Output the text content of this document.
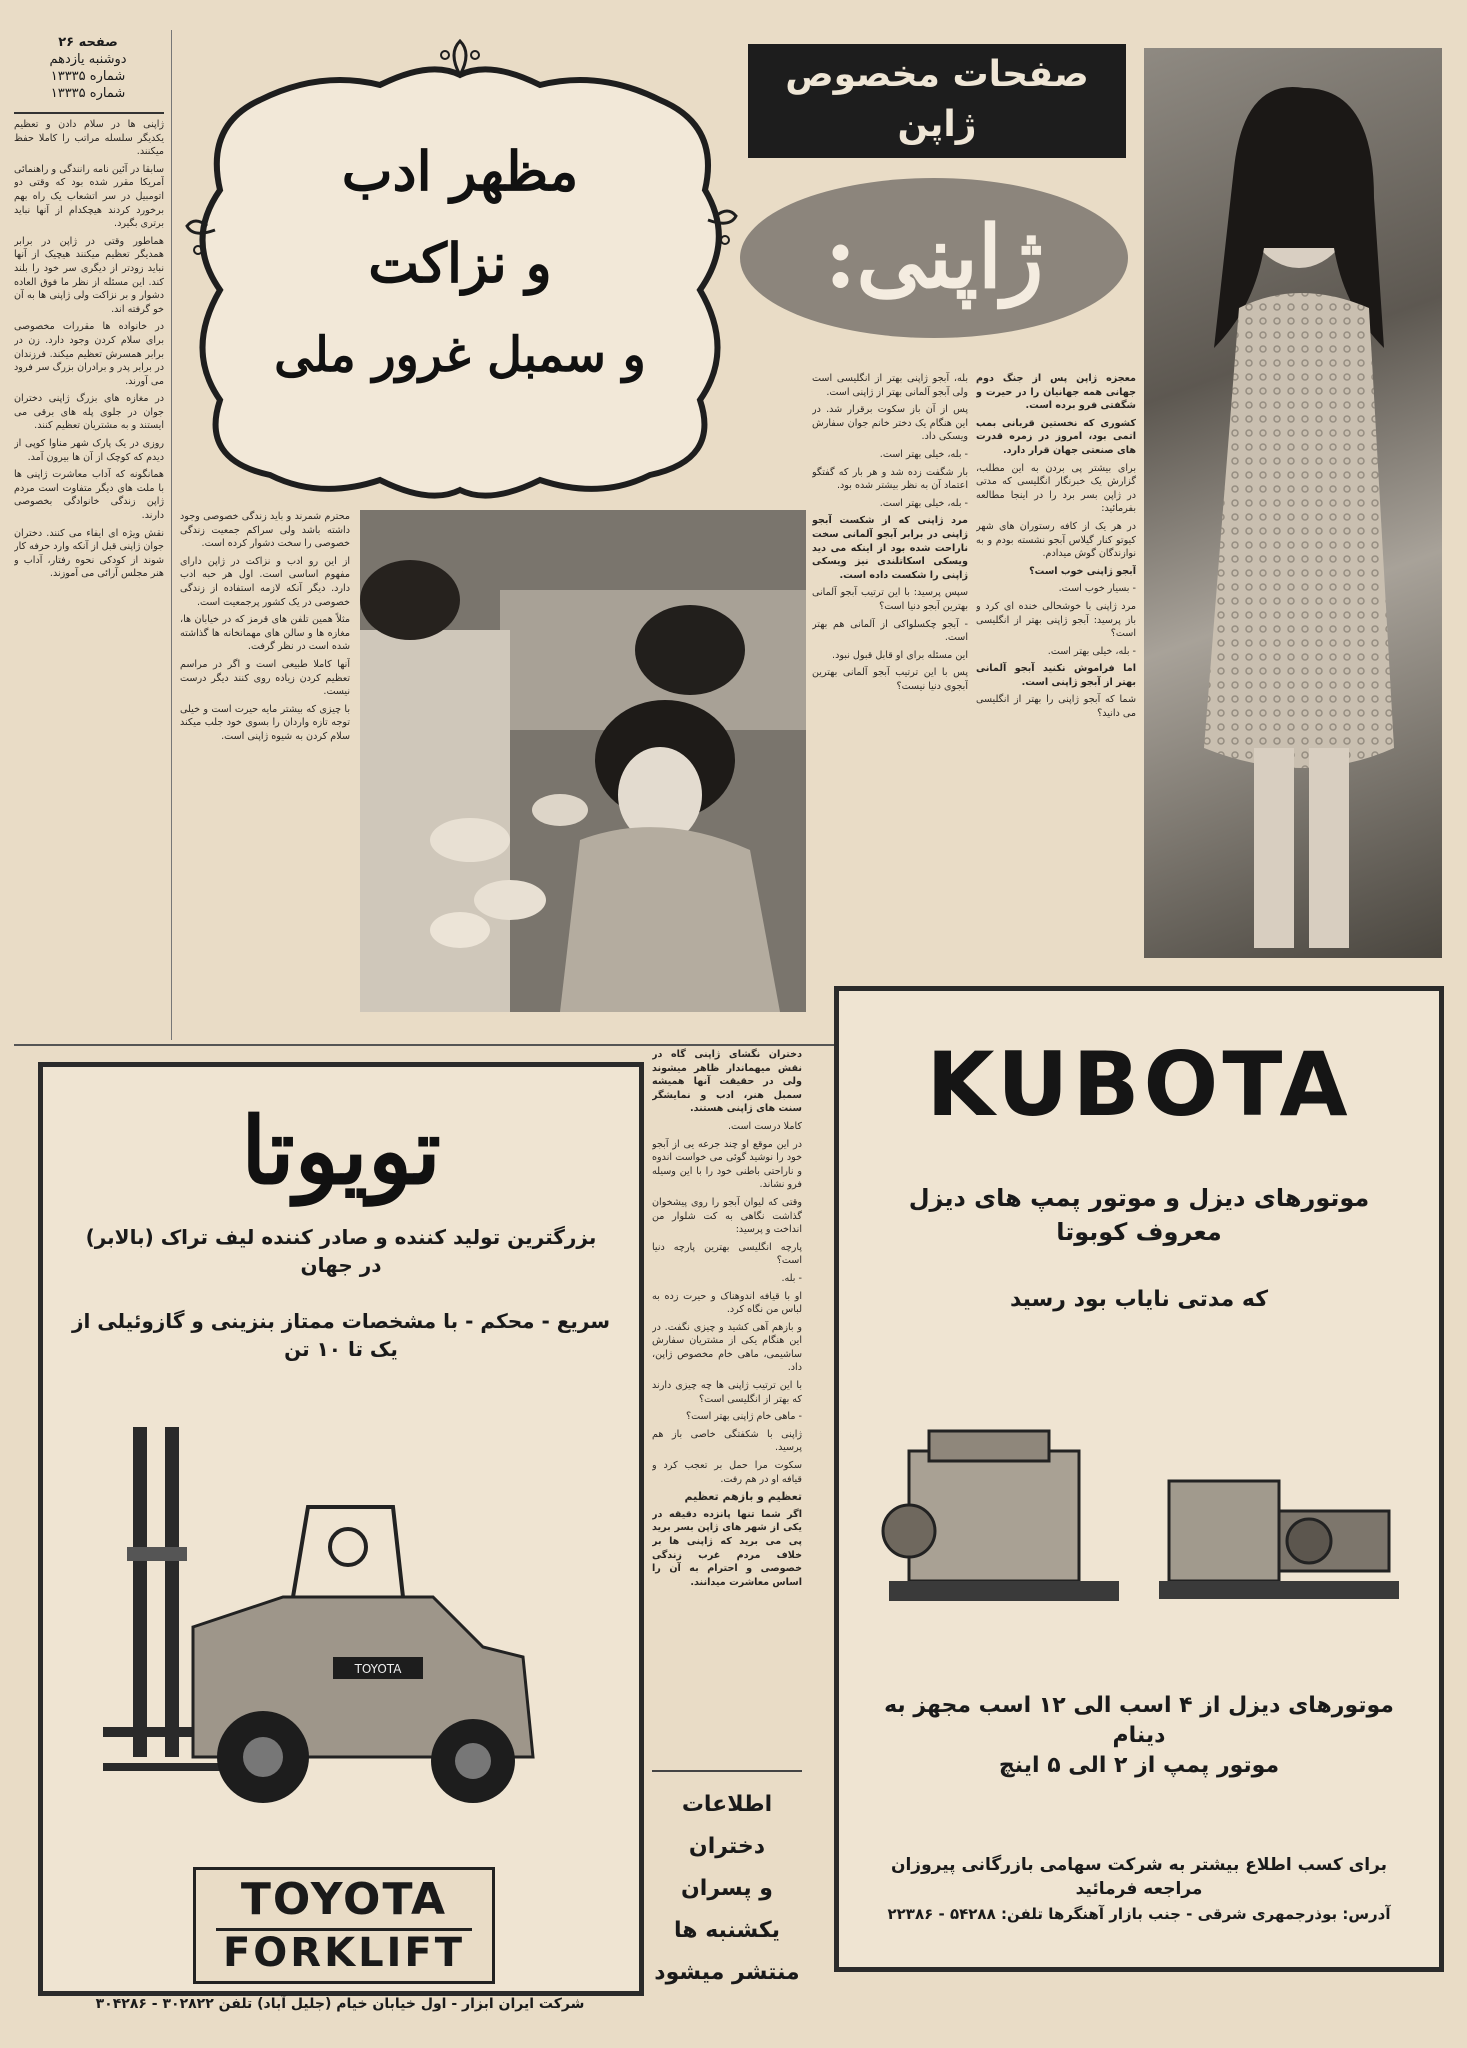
صفحه ۲۶
دوشنبه یازدهم
شماره ۱۳۳۳۵
شماره ۱۳۳۳۵

ژاپنی ها در سلام دادن و تعظیم یکدیگر سلسله مراتب را کاملا حفظ میکنند.

سابقا در آئین نامه رانندگی و راهنمائی آمریکا مقرر شده بود که وقتی دو اتومبیل در سر اتشعاب یک راه بهم برخورد کردند هیچکدام از آنها نباید برتری بگیرد.

هماطور وقتی در ژاپن در برابر همدیگر تعظیم میکنند هیچیک از آنها نباید زودتر از دیگری سر خود را بلند کند. این مسئله از نظر ما فوق العاده دشوار و بر نزاکت ولی ژاپنی ها به آن خو گرفته اند.

در خانواده ها مقررات مخصوصی برای سلام کردن وجود دارد. زن در برابر همسرش تعظیم میکند. فرزندان در برابر پدر و برادران بزرگ سر فرود می آورند.

در مغازه های بزرگ ژاپنی دختران جوان در جلوی پله های برقی می ایستند و به مشتریان تعظیم کنند.

روزی در یک پارک شهر مناوا کوپی از دیدم که کوچک از آن ها بیرون آمد.

همانگونه که آداب معاشرت ژاپنی ها با ملت های دیگر متفاوت است مردم ژاپن زندگی خانوادگی بخصوصی دارند.

نقش ویژه ای ایفاء می کنند. دختران جوان ژاپنی قبل از آنکه وارد حرفه کار شوند از کودکی نحوه رفتار، آداب و هنر مجلس آرائی می آموزند.

مظهر ادب
و نزاکت
و سمبل غرور ملی
صفحات مخصوص
ژاپن
ژاپنی:

محترم شمرند و باید زندگی خصوصی وجود داشته باشد ولی سراکم جمعیت زندگی خصوصی را سخت دشوار کرده است.

از این رو ادب و نزاکت در ژاپن دارای مفهوم اساسی است. اول هر حبه ادب دارد. دیگر آنکه لازمه استفاده از زندگی خصوصی در یک کشور پرجمعیت است.

مثلاً همین تلفن های قرمز که در خیابان ها، مغازه ها و سالن های مهمانخانه ها گذاشته شده است در نظر گرفت.

آنها کاملا طبیعی است و اگر در مراسم تعظیم کردن زیاده روی کنند دیگر درست نیست.

با چیزی که بیشتر مایه حیرت است و خیلی توجه تازه واردان را بسوی خود جلب میکند سلام کردن به شیوه ژاپنی است.

بله، آبجو ژاپنی بهتر از انگلیسی است ولی آبجو آلمانی بهتر از ژاپنی است.

پس از آن باز سکوت برقرار شد. در این هنگام یک دختر خانم جوان سفارش ویسکی داد.

- بله، خیلی بهتر است.

بار شگفت زده شد و هر بار که گفتگو اعتماد آن به نظر بیشتر شده بود.

- بله، خیلی بهتر است.

مرد ژاپنی که از شکست آبجو ژاپنی در برابر آبجو آلمانی سخت ناراحت شده بود از اینکه می دید ویسکی اسکاتلندی نیز ویسکی ژاپنی را شکست داده است.

سپس پرسید: با این ترتیب آبجو آلمانی بهترین آبجو دنیا است؟

- آبجو چکسلواکی از آلمانی هم بهتر است.

این مسئله برای او قابل قبول نبود.

پس با این ترتیب آبجو آلمانی بهترین آبجوی دنیا نیست؟

معجزه ژاپن پس از جنگ دوم جهانی همه جهانیان را در حیرت و شگفتی فرو برده است.

کشوری که نخستین قربانی بمب اتمی بود، امروز در زمره قدرت های صنعتی جهان قرار دارد.

برای بیشتر پی بردن به این مطلب، گزارش یک خبرنگار انگلیسی که مدتی در ژاپن بسر برد را در اینجا مطالعه بفرمائید:

در هر یک از کافه رستوران های شهر کیوتو کنار گیلاس آبجو نشسته بودم و به نوازندگان گوش میدادم.

آبجو ژاپنی خوب است؟

- بسیار خوب است.

مرد ژاپنی با خوشحالی خنده ای کرد و باز پرسید: آبجو ژاپنی بهتر از انگلیسی است؟

- بله، خیلی بهتر است.

اما فراموش نکنید آبجو آلمانی بهتر از آبجو ژاپنی است.

شما که آبجو ژاپنی را بهتر از انگلیسی می دانید؟

تویوتا
بزرگترین تولید کننده و صادر کننده لیف تراک (بالابر) در جهان
سریع - محکم - با مشخصات ممتاز بنزینی و گازوئیلی از یک تا ۱۰ تن
TOYOTA
TOYOTA
FORKLIFT
شرکت ایران ابزار - اول خیابان خیام (جلیل آباد) تلفن ۳۰۲۸۲۲ - ۳۰۴۲۸۶

دختران نگشای ژاپنی گاه در نقش میهماندار ظاهر میشوند ولی در حقیقت آنها همیشه سمبل هنر، ادب و نمایشگر سنت های ژاپنی هستند.

کاملا درست است.

در این موقع او چند جرعه یی از آبجو خود را نوشید گوئی می خواست اندوه و ناراحتی باطنی خود را با این وسیله فرو نشاند.

وقتی که لیوان آبجو را روی پیشخوان گذاشت نگاهی به کت شلوار من انداخت و پرسید:

پارچه انگلیسی بهترین پارچه دنیا است؟

- بله.

او با قیافه اندوهناک و حیرت زده به لباس من نگاه کرد.

و بازهم آهی کشید و چیزی نگفت. در این هنگام یکی از مشتریان سفارش ساشیمی، ماهی خام مخصوص ژاپن، داد.

با این ترتیب ژاپنی ها چه چیزی دارند که بهتر از انگلیسی است؟

- ماهی خام ژاپنی بهتر است؟

ژاپنی با شکفتگی خاصی باز هم پرسید.

سکوت مرا حمل بر تعجب کرد و قیافه او در هم رفت.

تعظیم و بازهم تعظیم

اگر شما تنها پانزده دقیقه در یکی از شهر های ژاپن بسر برید پی می برید که ژاپنی ها بر خلاف مردم غرب زندگی خصوصی و احترام به آن را اساس معاشرت میدانند.

اطلاعات
دختران
و پسران
یکشنبه ها
منتشر میشود
KUBOTA
موتورهای دیزل و موتور پمپ های دیزل معروف کوبوتا
که مدتی نایاب بود رسید
موتورهای دیزل از ۴ اسب الی ۱۲ اسب مجهز به دینام
موتور پمپ از ۲ الی ۵ اینچ
برای کسب اطلاع بیشتر به شرکت سهامی بازرگانی پیروزان مراجعه فرمائید
آدرس: بوذرجمهری شرقی - جنب بازار آهنگرها تلفن: ۵۴۲۸۸ - ۲۲۳۸۶
